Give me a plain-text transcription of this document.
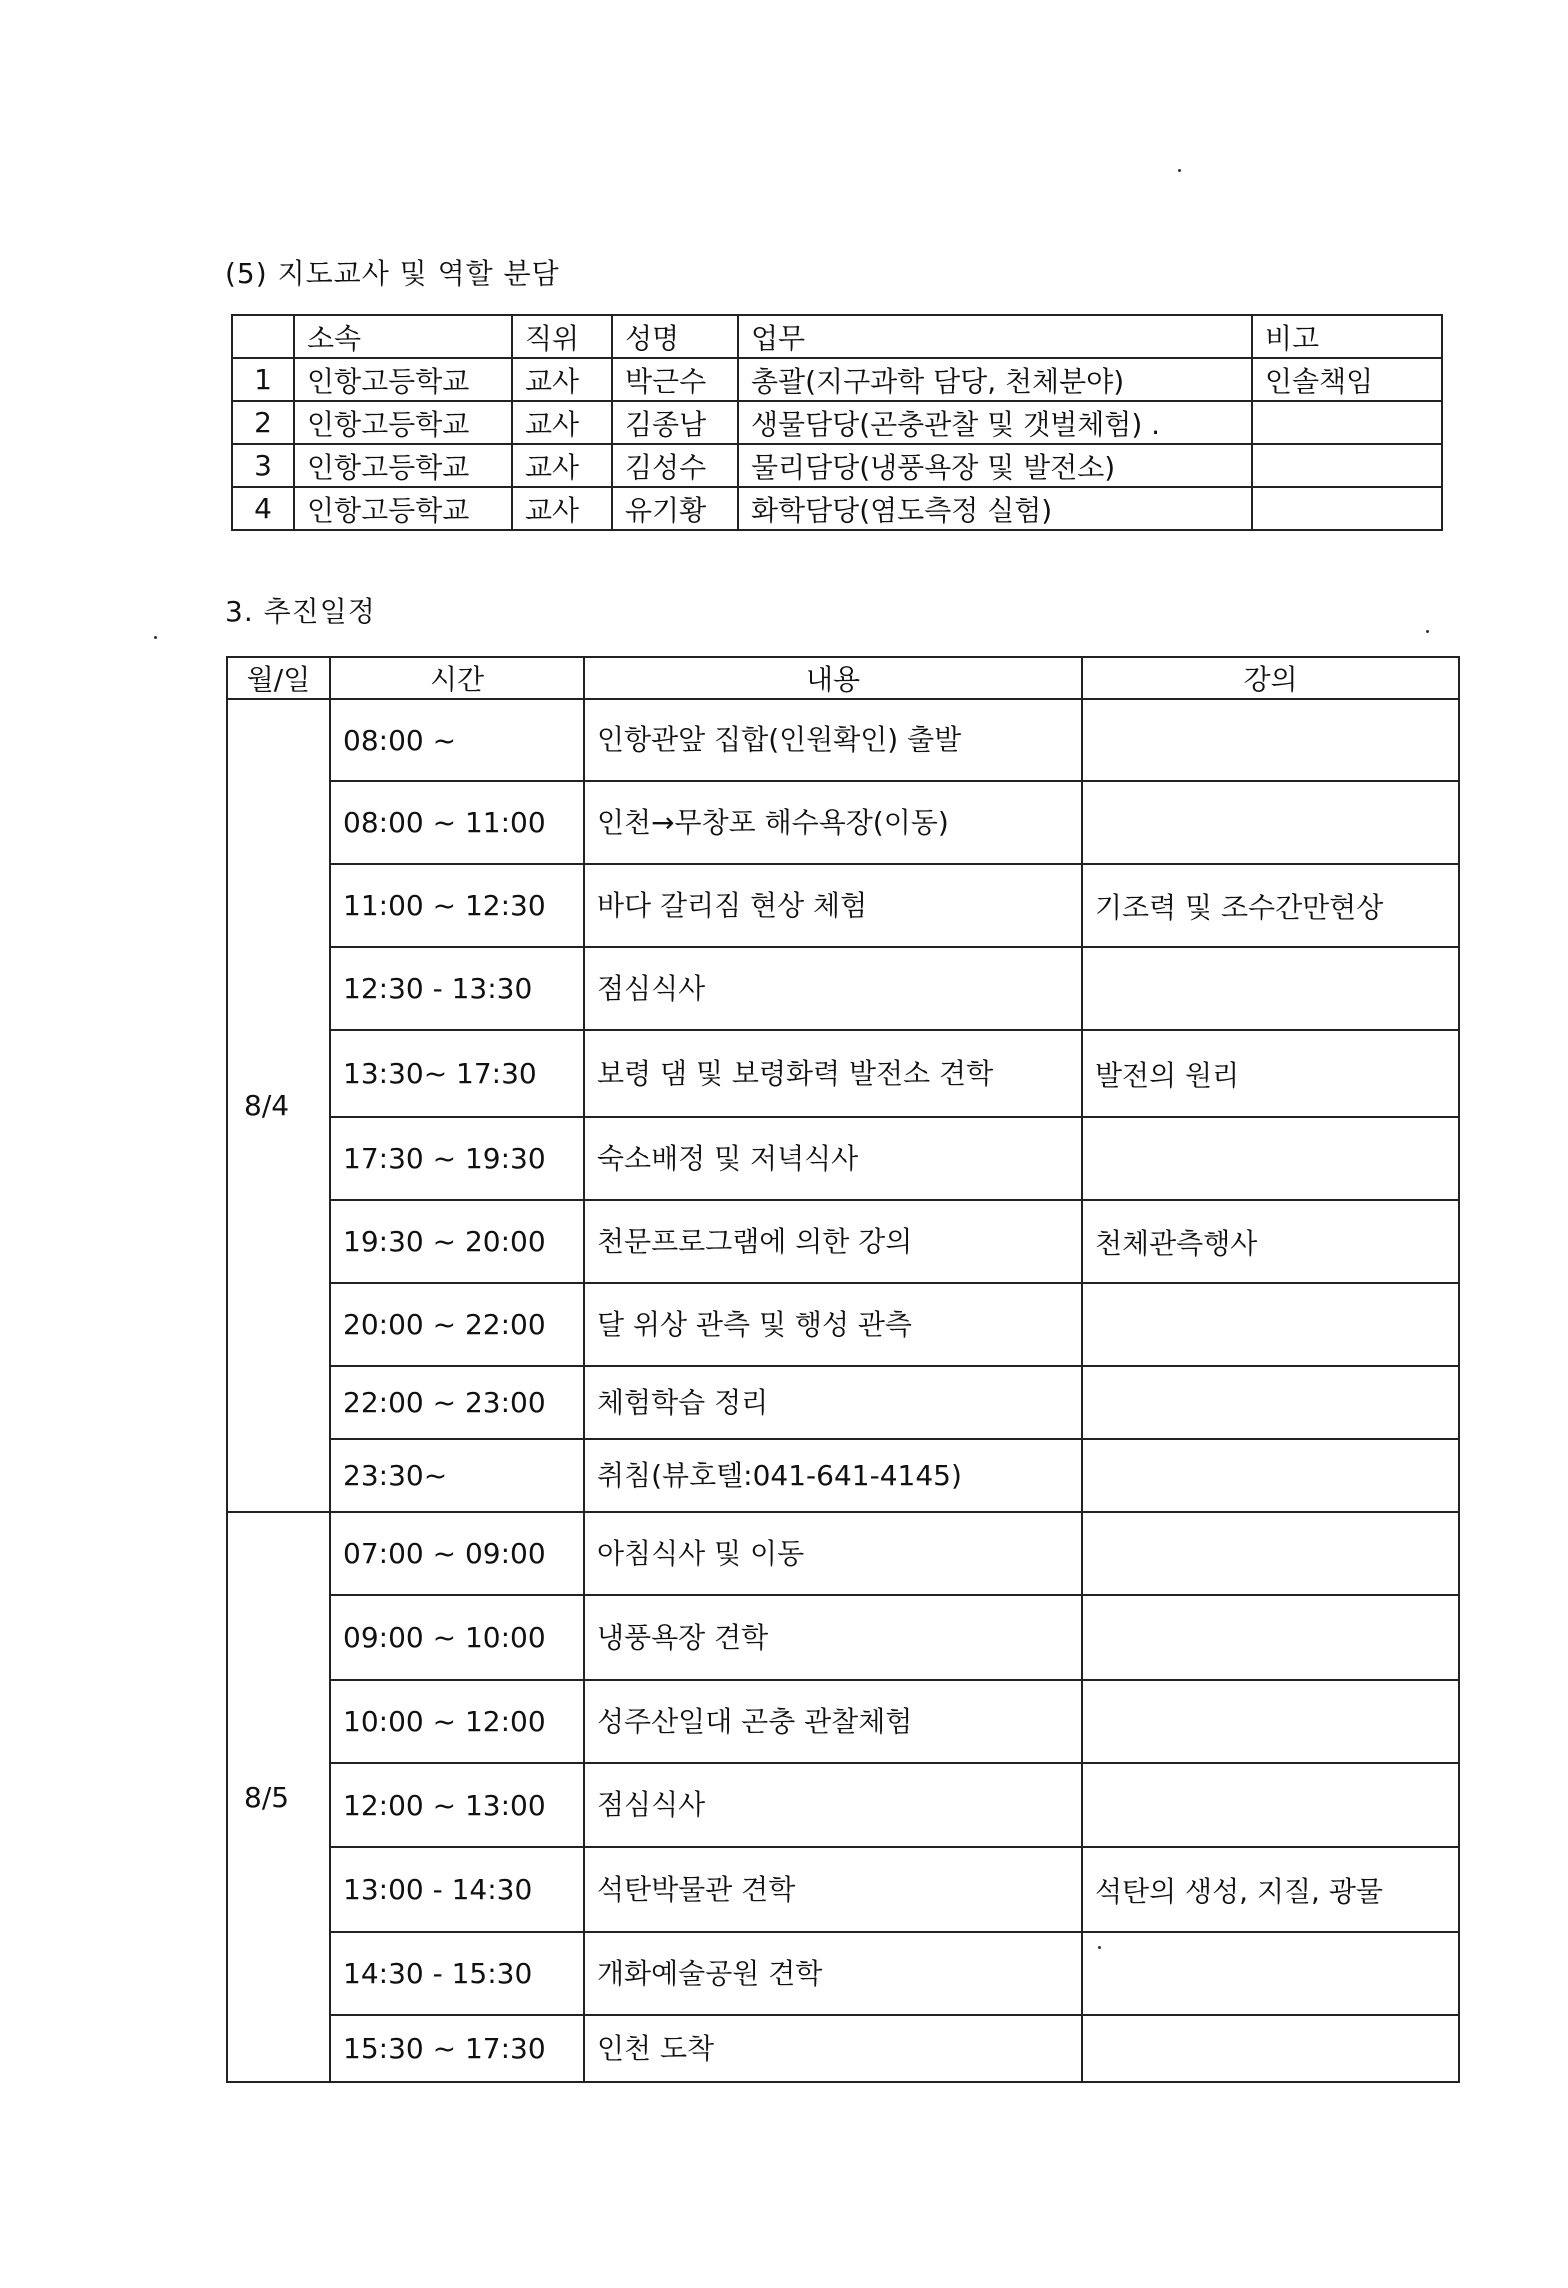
(5) 지도교사 및 역할 분담
	소속	직위	성명	업무	비고
1	인항고등학교	교사	박근수	총괄(지구과학 담당, 천체분야)	인솔책임
2	인항고등학교	교사	김종남	생물담당(곤충관찰 및 갯벌체험) .	
3	인항고등학교	교사	김성수	물리담당(냉풍욕장 및 발전소)	
4	인항고등학교	교사	유기황	화학담당(염도측정 실험)	
3. 추진일정
월/일	시간	내용	강의
8/4	08:00 ~	인항관앞 집합(인원확인) 출발	
	08:00 ~ 11:00	인천→무창포 해수욕장(이동)	
	11:00 ~ 12:30	바다 갈리짐 현상 체험	기조력 및 조수간만현상
	12:30 - 13:30	점심식사	
	13:30~ 17:30	보령 댐 및 보령화력 발전소 견학	발전의 원리
	17:30 ~ 19:30	숙소배정 및 저녁식사	
	19:30 ~ 20:00	천문프로그램에 의한 강의	천체관측행사
	20:00 ~ 22:00	달 위상 관측 및 행성 관측	
	22:00 ~ 23:00	체험학습 정리	
	23:30~	취침(뷰호텔:041-641-4145)	
8/5	07:00 ~ 09:00	아침식사 및 이동	
	09:00 ~ 10:00	냉풍욕장 견학	
	10:00 ~ 12:00	성주산일대 곤충 관찰체험	
	12:00 ~ 13:00	점심식사	
	13:00 - 14:30	석탄박물관 견학	석탄의 생성, 지질, 광물
	14:30 - 15:30	개화예술공원 견학	
	15:30 ~ 17:30	인천 도착	
